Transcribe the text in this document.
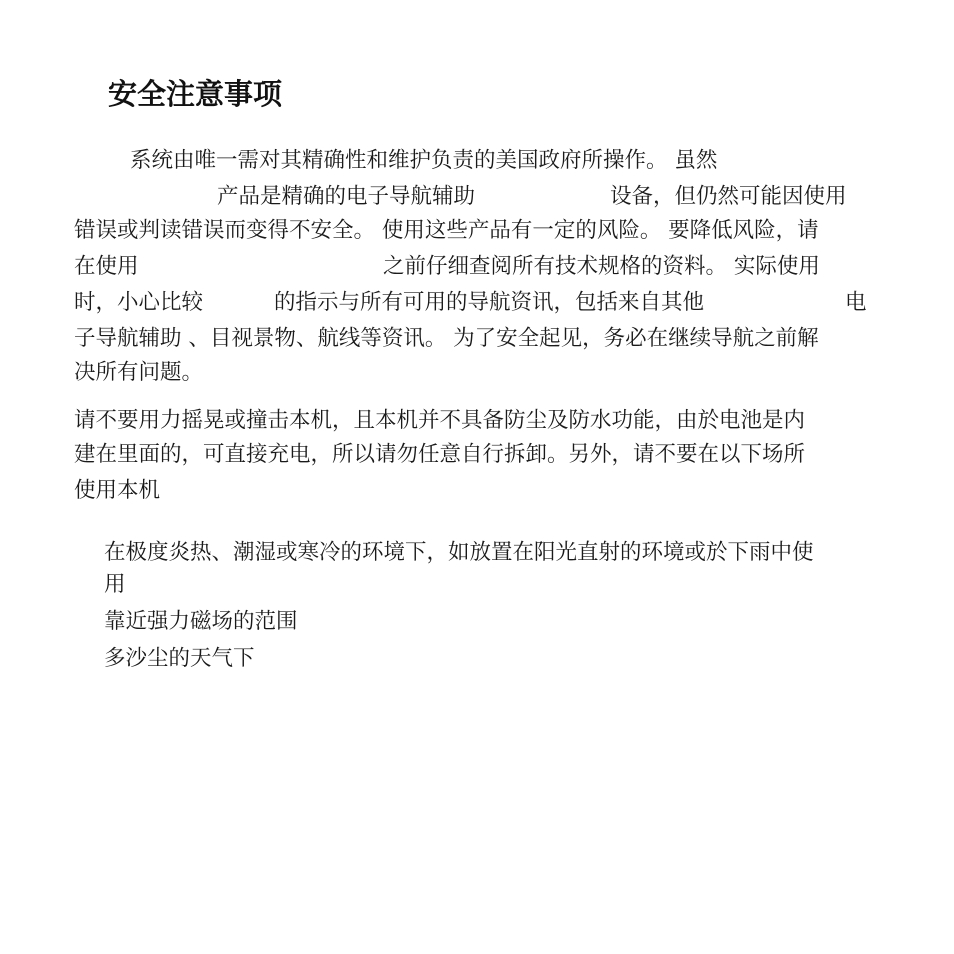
安全注意事项

系统由唯一需对其精确性和维护负责的美国政府所操作。 虽然

产品是精确的电子导航辅助	设备，但仍然可能因使用

错误或判读错误而变得不安全。 使用这些产品有一定的风险。 要降低风险，请

在使用	之前仔细查阅所有技术规格的资料。 实际使用

时，小心比较	的指示与所有可用的导航资讯，包括来自其他	电

子导航辅助 、目视景物、航线等资讯。 为了安全起见，务必在继续导航之前解

决所有问题。

请不要用力摇晃或撞击本机，且本机并不具备防尘及防水功能，由於电池是内

建在里面的，可直接充电，所以请勿任意自行拆卸。另外，请不要在以下场所

使用本机

在极度炎热、潮湿或寒冷的环境下，如放置在阳光直射的环境或於下雨中使

用

靠近强力磁场的范围

多沙尘的天气下
